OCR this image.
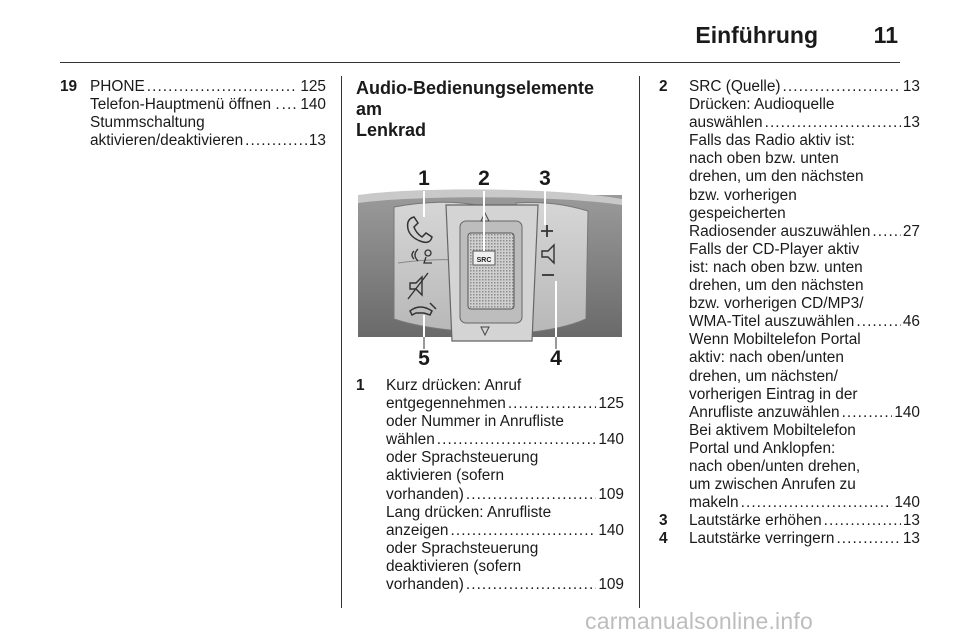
Einführung 11
19 PHONE . . .	125
Telefon-Hauptmenü öffnen . . . . 140
Stummschaltung
aktivieren/deaktivieren . . .	13
Audio-Bedienungselemente am
Lenkrad
SRC
1 2 3
4
5
1 Kurz drücken: Anruf
entgegennehmen . . .	125
oder Nummer in Anrufliste
wählen . . .	140
oder Sprachsteuerung
aktivieren (sofern
vorhanden) . . .	109
Lang drücken: Anrufliste
anzeigen . . .	140
oder Sprachsteuerung
deaktivieren (sofern
vorhanden) . . .	109
2 SRC (Quelle) . . .	13
Drücken: Audioquelle
auswählen . . .	13
Falls das Radio aktiv ist:
nach oben bzw. unten
drehen, um den nächsten
bzw. vorherigen
gespeicherten
Radiosender auszuwählen . . . 27
Falls der CD-Player aktiv
ist: nach oben bzw. unten
drehen, um den nächsten
bzw. vorherigen CD/MP3/
WMA-Titel auszuwählen . . .	46
Wenn Mobiltelefon Portal
aktiv: nach oben/unten
drehen, um nächsten/
vorherigen Eintrag in der
Anrufliste anzuwählen . . .	140
Bei aktivem Mobiltelefon
Portal und Anklopfen:
nach oben/unten drehen,
um zwischen Anrufen zu
makeln . . .	140
3 Lautstärke erhöhen . . .	13
4 Lautstärke verringern . . .	13
carmanualsonline.info
